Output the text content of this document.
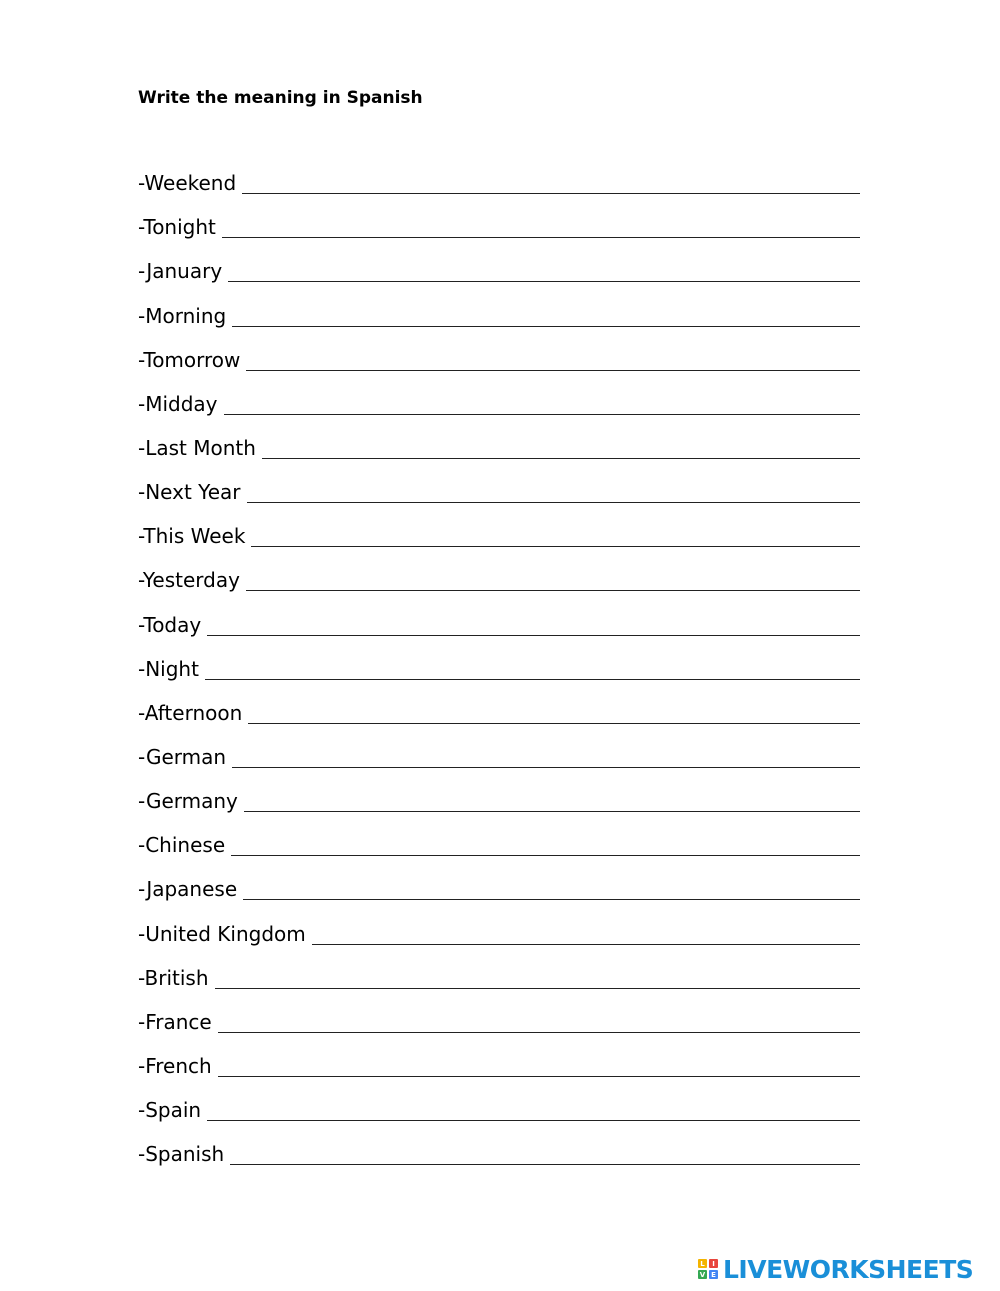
Write the meaning in Spanish
-Weekend
-Tonight
-January
-Morning
-Tomorrow
-Midday
-Last Month
-Next Year
-This Week
-Yesterday
-Today
-Night
-Afternoon
-German
-Germany
-Chinese
-Japanese
-United Kingdom
-British
-France
-French
-Spain
-Spanish
L	I
V E LIVEWORKSHEETS
